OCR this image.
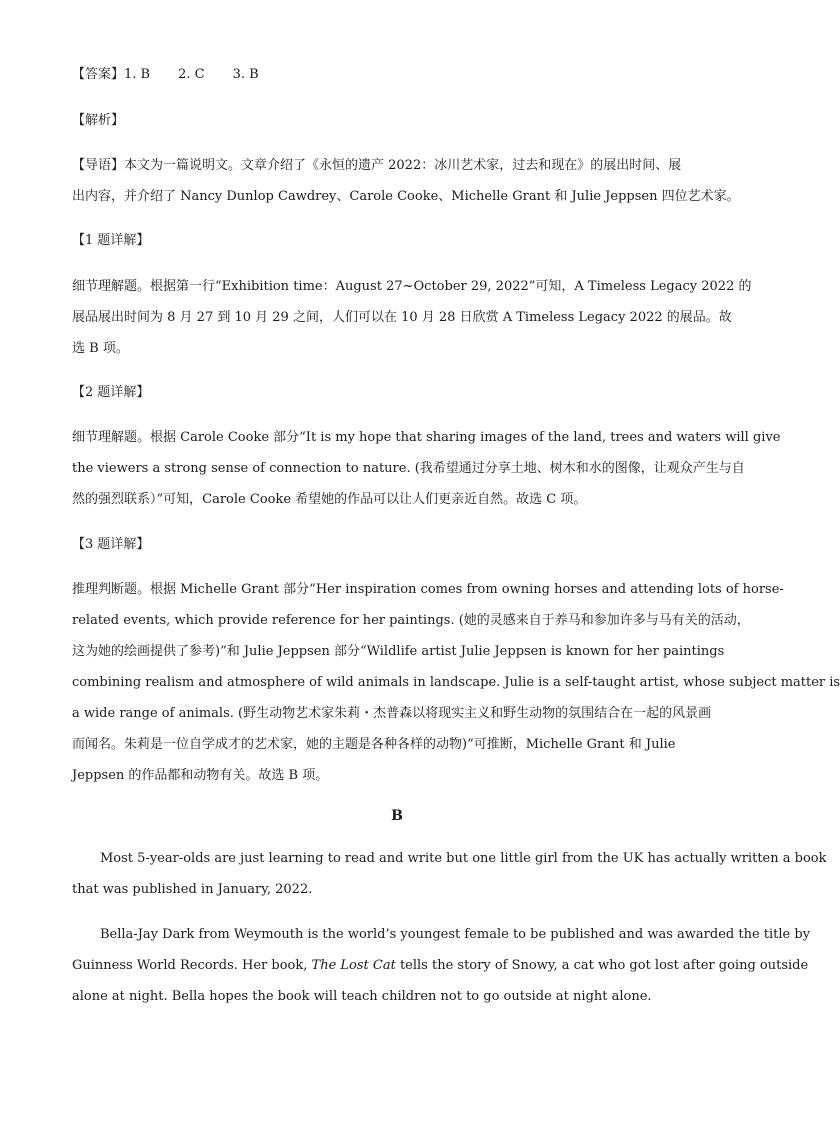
【答案】1. B 2. C 3. B
【解析】
【导语】本文为一篇说明文。文章介绍了《永恒的遗产 2022：冰川艺术家，过去和现在》的展出时间、展
出内容，并介绍了 Nancy Dunlop Cawdrey、Carole Cooke、Michelle Grant 和 Julie Jeppsen 四位艺术家。
【1 题详解】
细节理解题。根据第一行“Exhibition time：August 27~October 29, 2022”可知，A Timeless Legacy 2022 的
展品展出时间为 8 月 27 到 10 月 29 之间，人们可以在 10 月 28 日欣赏 A Timeless Legacy 2022 的展品。故
选 B 项。
【2 题详解】
细节理解题。根据 Carole Cooke 部分“It is my hope that sharing images of the land, trees and waters will give
the viewers a strong sense of connection to nature. (我希望通过分享土地、树木和水的图像，让观众产生与自
然的强烈联系）”可知，Carole Cooke 希望她的作品可以让人们更亲近自然。故选 C 项。
【3 题详解】
推理判断题。根据 Michelle Grant 部分“Her inspiration comes from owning horses and attending lots of horse-
related events, which provide reference for her paintings. (她的灵感来自于养马和参加许多与马有关的活动，
这为她的绘画提供了参考)”和 Julie Jeppsen 部分“Wildlife artist Julie Jeppsen is known for her paintings
combining realism and atmosphere of wild animals in landscape. Julie is a self-taught artist, whose subject matter is
a wide range of animals. (野生动物艺术家朱莉・杰普森以将现实主义和野生动物的氛围结合在一起的风景画
而闻名。朱莉是一位自学成才的艺术家，她的主题是各种各样的动物)”可推断，Michelle Grant 和 Julie
Jeppsen 的作品都和动物有关。故选 B 项。
B
Most 5-year-olds are just learning to read and write but one little girl from the UK has actually written a book
that was published in January, 2022.
Bella-Jay Dark from Weymouth is the world’s youngest female to be published and was awarded the title by
Guinness World Records. Her book, The Lost Cat tells the story of Snowy, a cat who got lost after going outside
alone at night. Bella hopes the book will teach children not to go outside at night alone.
